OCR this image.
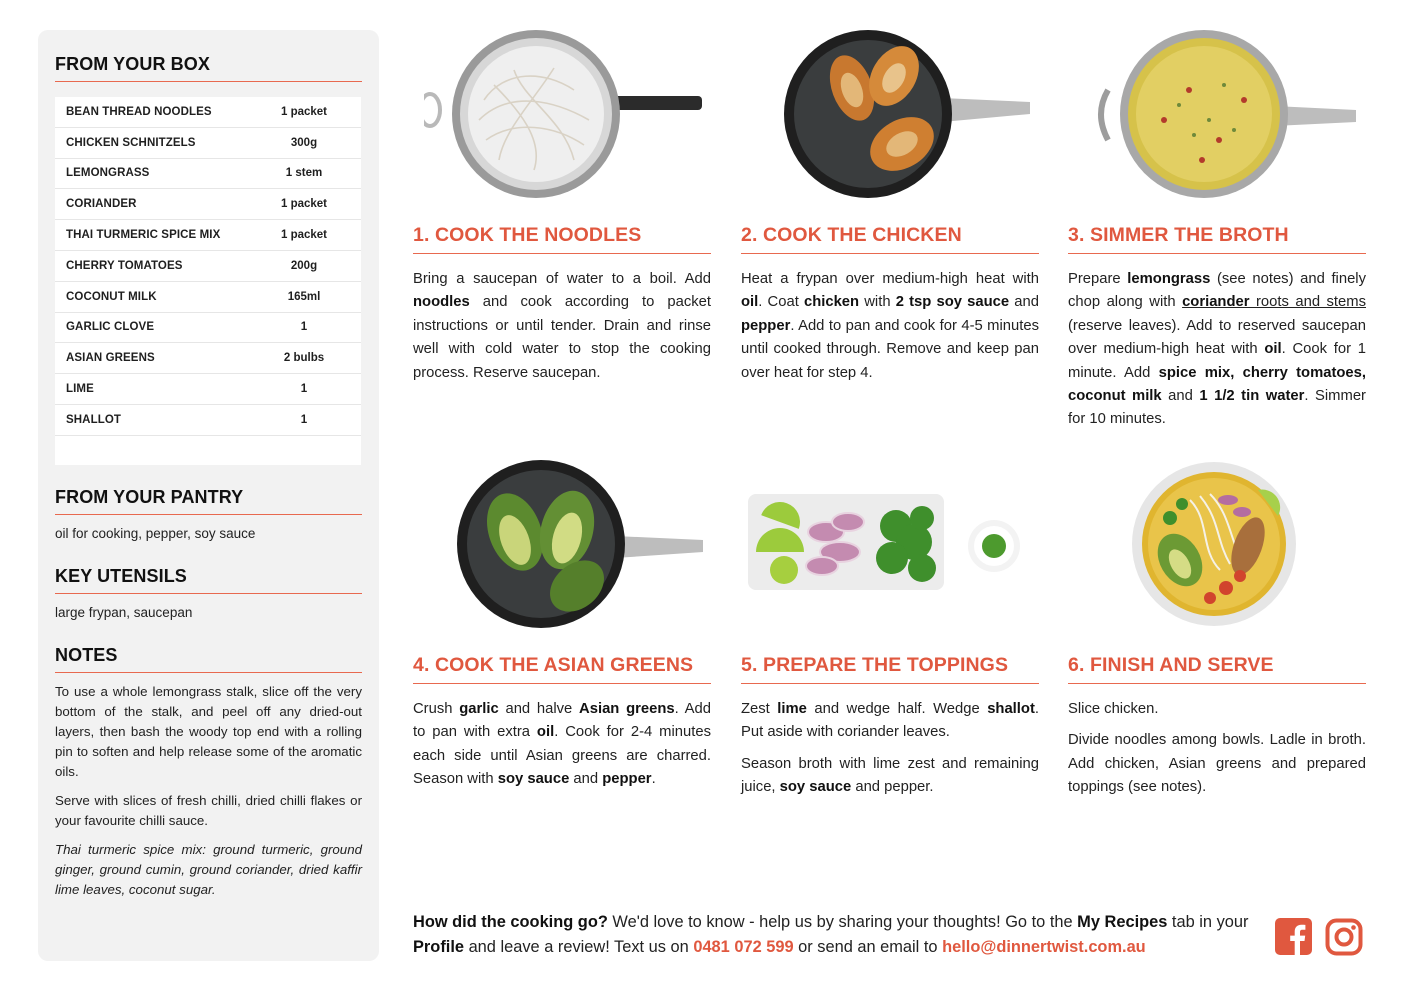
FROM YOUR BOX
BEAN THREAD NOODLES	1 packet
CHICKEN SCHNITZELS	300g
LEMONGRASS	1 stem
CORIANDER	1 packet
THAI TURMERIC SPICE MIX	1 packet
CHERRY TOMATOES	200g
COCONUT MILK	165ml
GARLIC CLOVE	1
ASIAN GREENS	2 bulbs
LIME	1
SHALLOT	1
FROM YOUR PANTRY
oil for cooking, pepper, soy sauce
KEY UTENSILS
large frypan, saucepan
NOTES

To use a whole lemongrass stalk, slice off the very bottom of the stalk, and peel off any dried-out layers, then bash the woody top end with a rolling pin to soften and help release some of the aromatic oils.

Serve with slices of fresh chilli, dried chilli flakes or your favourite chilli sauce.

Thai turmeric spice mix: ground turmeric, ground ginger, ground cumin, ground coriander, dried kaffir lime leaves, coconut sugar.

1. COOK THE NOODLES

Bring a saucepan of water to a boil. Add noodles and cook according to packet instructions or until tender. Drain and rinse well with cold water to stop the cooking process. Reserve saucepan.

2. COOK THE CHICKEN

Heat a frypan over medium-high heat with oil. Coat chicken with 2 tsp soy sauce and pepper. Add to pan and cook for 4-5 minutes until cooked through. Remove and keep pan over heat for step 4.

3. SIMMER THE BROTH

Prepare lemongrass (see notes) and finely chop along with coriander roots and stems (reserve leaves). Add to reserved saucepan over medium-high heat with oil. Cook for 1 minute. Add spice mix, cherry tomatoes, coconut milk and 1 1/2 tin water. Simmer for 10 minutes.

4. COOK THE ASIAN GREENS

Crush garlic and halve Asian greens. Add to pan with extra oil. Cook for 2-4 minutes each side until Asian greens are charred. Season with soy sauce and pepper.

5. PREPARE THE TOPPINGS

Zest lime and wedge half. Wedge shallot. Put aside with coriander leaves.

Season broth with lime zest and remaining juice, soy sauce and pepper.

6. FINISH AND SERVE

Slice chicken.

Divide noodles among bowls. Ladle in broth. Add chicken, Asian greens and prepared toppings (see notes).

How did the cooking go? We'd love to know - help us by sharing your thoughts! Go to the My Recipes tab in your Profile and leave a review! Text us on 0481 072 599 or send an email to hello@dinnertwist.com.au
